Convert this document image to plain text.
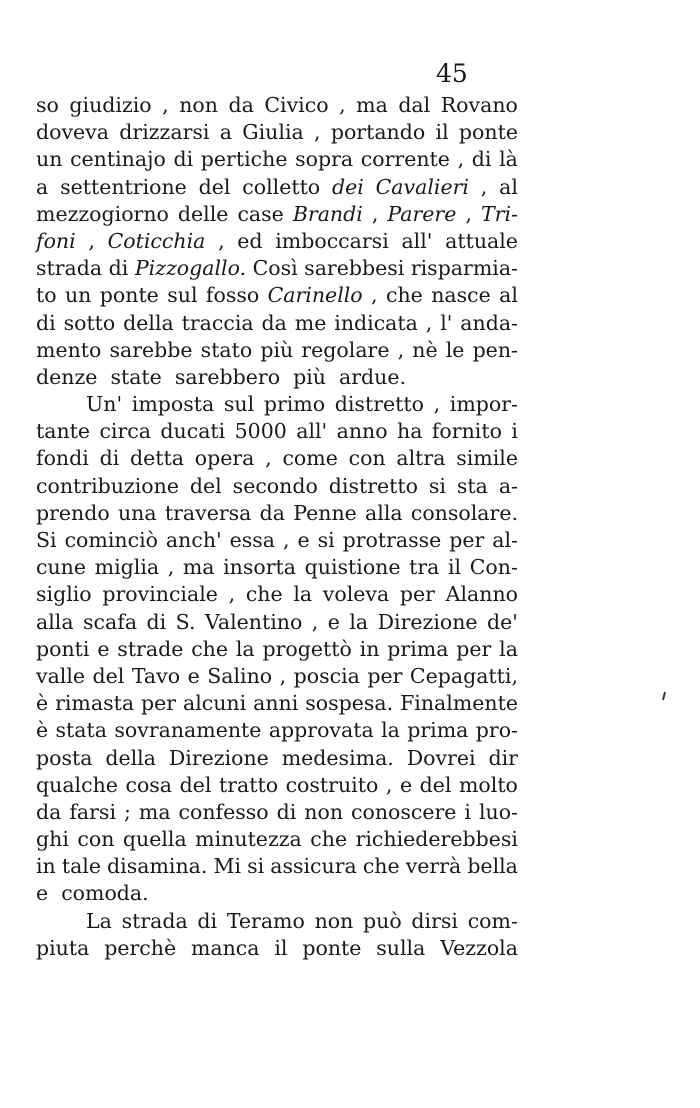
45
so giudizio , non da Civico , ma dal Rovano
doveva drizzarsi a Giulia , portando il ponte
un centinajo di pertiche sopra corrente , di là
a settentrione del colletto dei Cavalieri , al
mezzogiorno delle case Brandi , Parere , Tri-
foni , Coticchia , ed imboccarsi all' attuale
strada di Pizzogallo. Così sarebbesi risparmia-
to un ponte sul fosso Carinello , che nasce al
di sotto della traccia da me indicata , l' anda-
mento sarebbe stato più regolare , nè le pen-
denze
state
sarebbero
più
ardue.
Un' imposta sul primo distretto , impor-
tante circa ducati 5000 all' anno ha fornito i
fondi di detta opera , come con altra simile
contribuzione del secondo distretto si sta a-
prendo una traversa da Penne alla consolare.
Si cominciò anch' essa , e si protrasse per al-
cune miglia , ma insorta quistione tra il Con-
siglio provinciale , che la voleva per Alanno
alla scafa di S. Valentino , e la Direzione de'
ponti e strade che la progettò in prima per la
valle del Tavo e Salino , poscia per Cepagatti,
è rimasta per alcuni anni sospesa. Finalmente
è stata sovranamente approvata la prima pro-
posta della Direzione medesima. Dovrei dir
qualche cosa del tratto costruito , e del molto
da farsi ; ma confesso di non conoscere i luo-
ghi con quella minutezza che richiederebbesi
in tale disamina. Mi si assicura che verrà bella
e
comoda.
La strada di Teramo non può dirsi com-
piuta perchè manca il ponte sulla Vezzola
